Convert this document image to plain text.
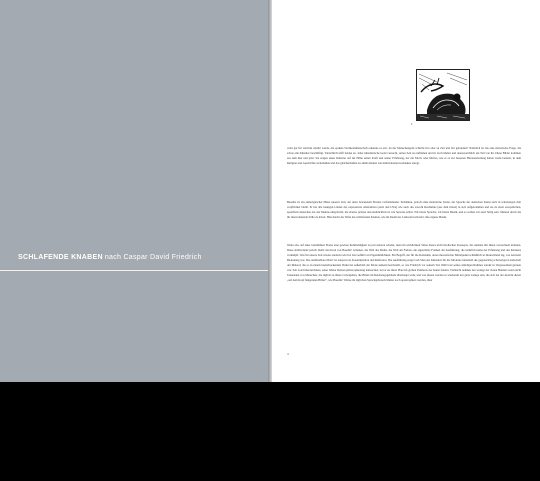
SCHLAFENDE KNABEN nach Caspar David Friedrich
1

wohl gar für verrückt erklärt wurde, die epikeie Nachkommenschaft erkannte es erst. Ist der Menschengeist schlicht frei oder an Zeit und Ort gebunden? Natürlich ist das eine rhetorische Frage, die schon alle Künstler beschäftigt. Tatsächlich trifft beides zu. Jeder künstlerische Geist versucht, seiner Zeit zu entfliehen und ist doch immer und unausweichlich ein Teil von ihr. Diese Bilder kommen aus dem hier und jetzt. Sie zeigen einen Künstler auf der Höhe seiner Kraft und seiner Erfahrung, der ein Motiv oder Motivs, wie er es zur besseren Herausarbeitung haben werkt benutzt, in dem Religion und Geschichte widerhallen und das gleichermaßen zu ambivalenten wie multivalenten Gedanken anregt.

Baselitz ist ein anthetypischer Maler unserer Zeit, der unter bewusstem Einsatz verfremdender Techniken, jedoch ohne malerische Ironie, der Sprache der deutschen Kunst auch in schwierigen Zeit verpflichtet bleibt. Er hat alle heutigen Länder der expressiven Abstraktion (auch den USA) wie auch des sowohl Realismus (aus dem Osten) in sich aufgenommen und sie zu einer europäischen, spezifisch deutschen Art des Malens umgeformt, die ebenso präzise und eindrücklich ist wie Sprache selbst. Wir hören Sprache, wir hören Musik, und so sollten wir auch Stilig sein. Malerei durch die ihr innewohnende Stille zu hören. Hier macht der Stille des schlafenden Knaben, wie im Raum der Leinwand schwebt, ihre eigene Musik.

Wenn also auf einer bestimmten Ebene eine gewisse Rohmeldigkeit zu provozieren scheint, denn im wirklichkeit Sinne dieses nicht modischen Konzepts, das niemals mit Ihnen verwechselt könnten. Diese Ambivalenz jedoch bleibt den Kern von Baselitz' Arbeiten, die Welt des Malns, die Welt am Farben, die eigentliche Freiheit der Ausführung, die natürlich keine der Erfahrung und des Könnens verknüpft. Was für unsere Zeit wieder entdeckt wird ist das Gefühl von Eigentümlichkeit. Ein Begriff, der für die Romantik, deren theoretischer Mittelpunkt schließlich in Deutschland lag, von zentraler Bedeutung war. Das unmittelbare Motiv ist Ansporn zu Kontemplation und Reflexion. Die Ausführung zeugt vom Sinn des Künstlers für die Moderne innerhalb der gegenwärtig schwierigen Landschaft der Malerei; die er an einem beeindruckenden Punkt bei außerhalb der Mode stehend beschreibt, so wie Friedrich vor seinem Tod 1840 trotz seines ständigen Ruhmes wieder in Vergessenheit geraten war. Seit Gold überzeichnete, seine Werke bleiben philosophierung unbeachtet, bevor sie ihren Platz im großen Pantheon der Kunst fanden. Vielleicht nehmen nur wenige der vielen Hundert wenn nicht Tausenden von Menschen, die täglich an ihnen vorbeigehen, die Bilder im Reichstagsgebäude überhaupt wahr, und von diesen werden es wiederum nur ganz wenige sein, die sich bei der Ansicht dieser „auf dem Kopf hängenden Bilder“, wie Baselitz’ Werke im täglichen Sprachgebrauch immer noch apostrophiert werden, ihrer

4
